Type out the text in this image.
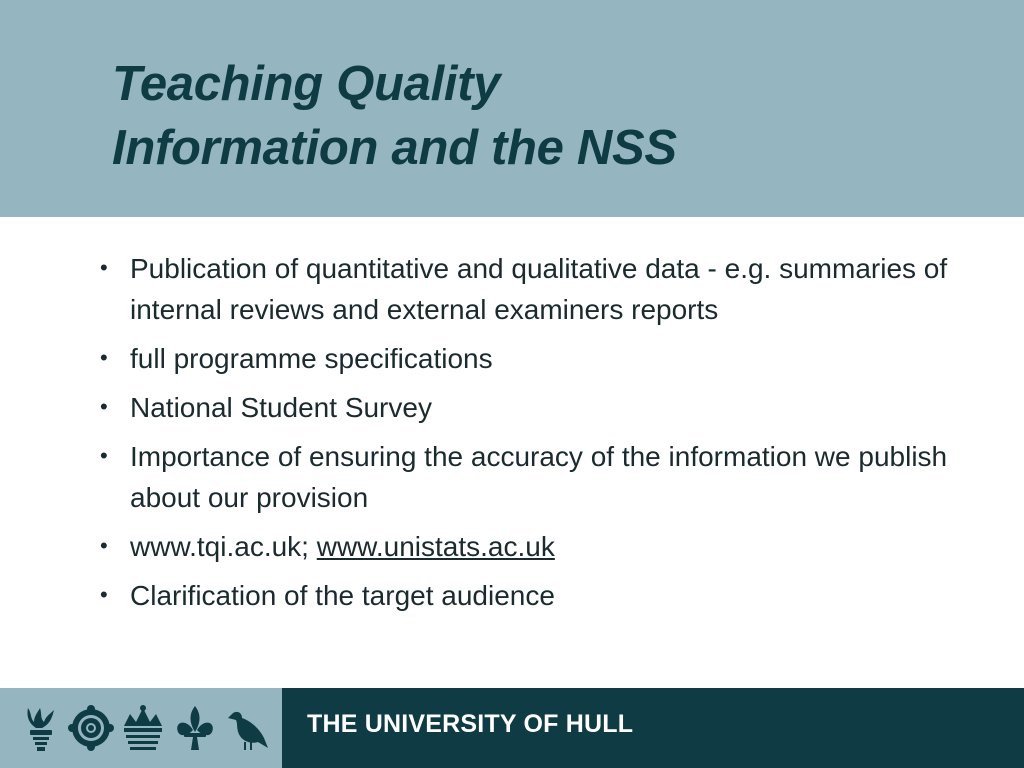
Teaching Quality
Information and the NSS
• Publication of quantitative and qualitative data - e.g. summaries of internal reviews and external examiners reports
• full programme specifications
• National Student Survey
• Importance of ensuring the accuracy of the information we publish about our provision
• www.tqi.ac.uk; www.unistats.ac.uk
• Clarification of the target audience
THE UNIVERSITY OF HULL
